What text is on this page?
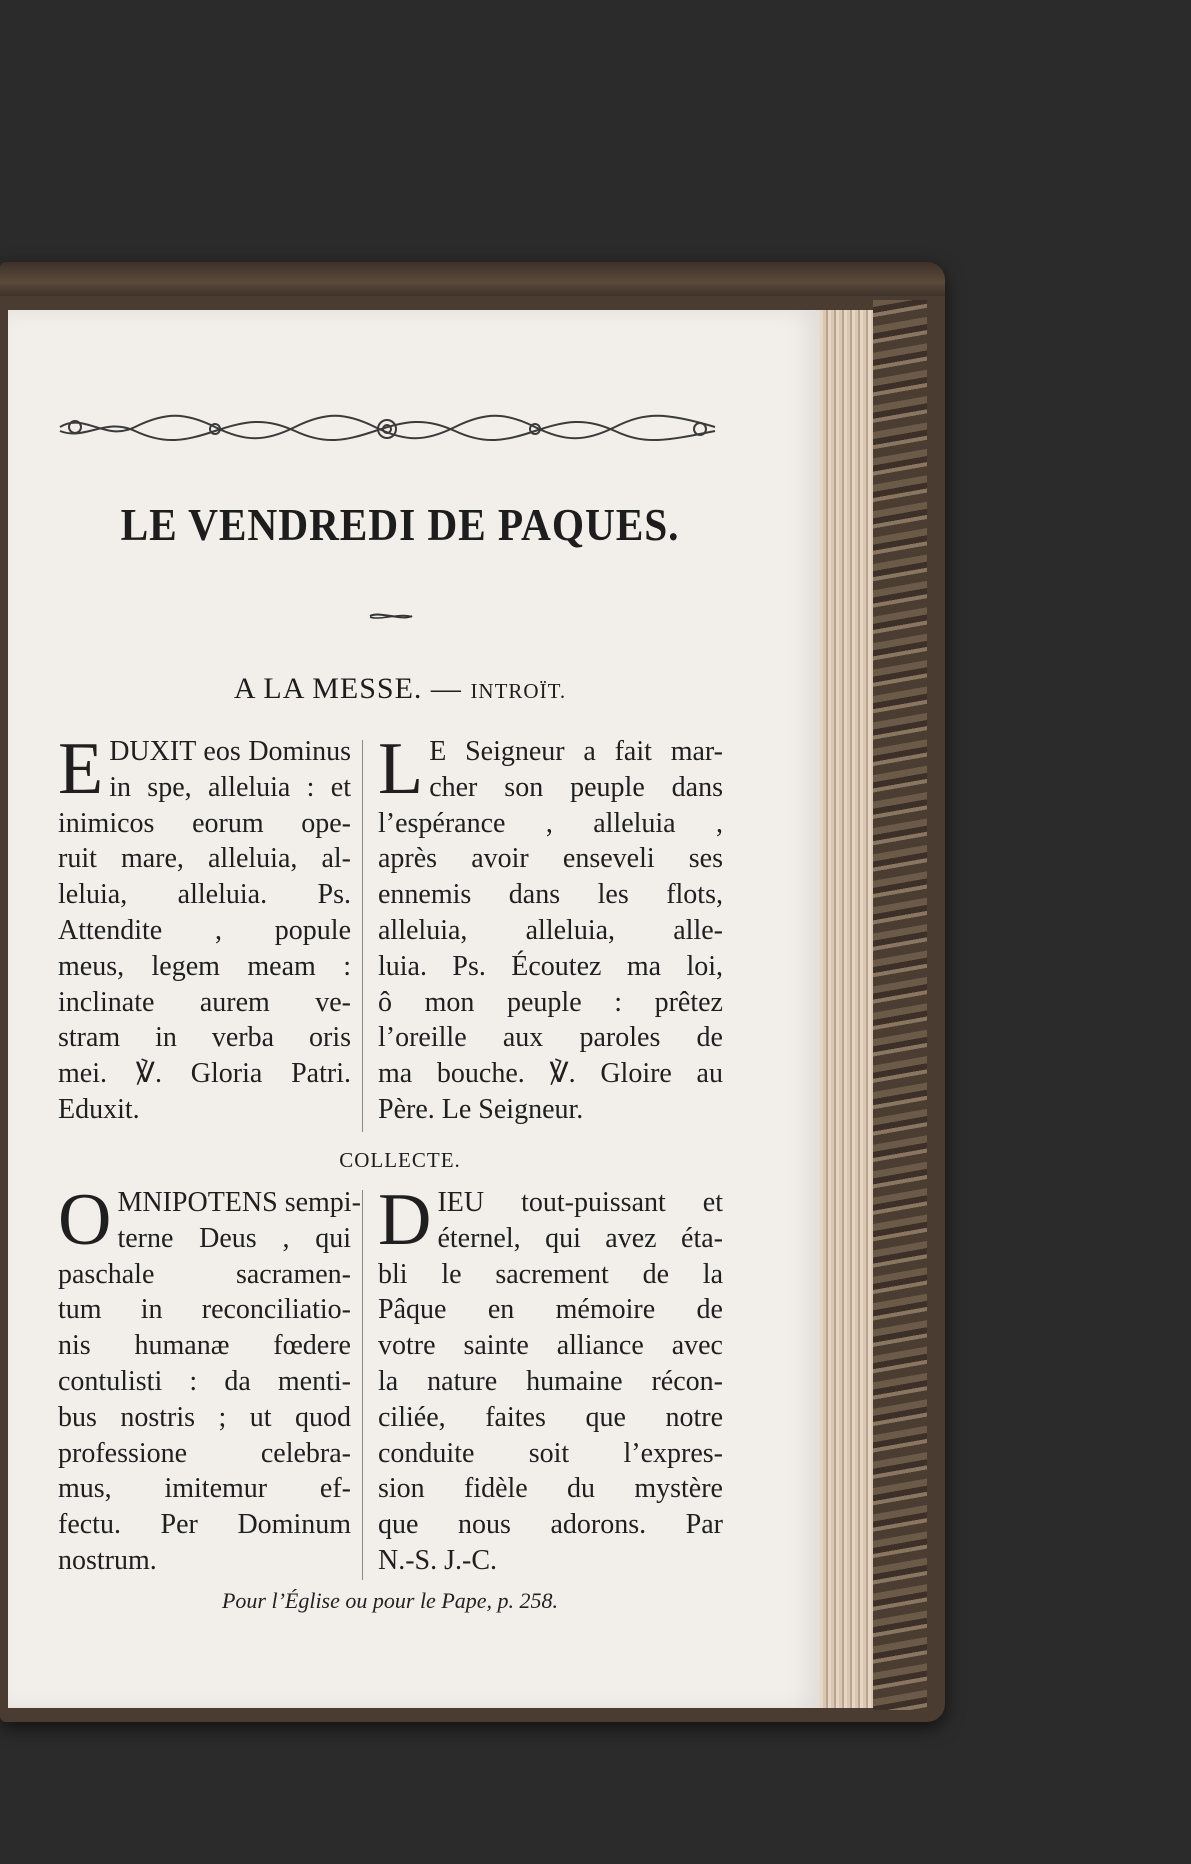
LE VENDREDI DE PAQUES.

A LA MESSE. — INTROÏT.

E DUXIT eos Dominus
in spe, alleluia : et
inimicos eorum ope-
ruit mare, alleluia, al-
leluia, alleluia. Ps.
Attendite , popule
meus, legem meam :
inclinate aurem ve-
stram in verba oris
mei. ℣. Gloria Patri.
Eduxit.
L E Seigneur a fait mar-
cher son peuple dans
l’espérance , alleluia ,
après avoir enseveli ses
ennemis dans les flots,
alleluia, alleluia, alle-
luia. Ps. Écoutez ma loi,
ô mon peuple : prêtez
l’oreille aux paroles de
ma bouche. ℣. Gloire au
Père. Le Seigneur.

COLLECTE.

O MNIPOTENS sempi-
terne Deus , qui
paschale sacramen-
tum in reconciliatio-
nis humanæ fœdere
contulisti : da menti-
bus nostris ; ut quod
professione celebra-
mus, imitemur ef-
fectu. Per Dominum
nostrum.
D IEU tout-puissant et
éternel, qui avez éta-
bli le sacrement de la
Pâque en mémoire de
votre sainte alliance avec
la nature humaine récon-
ciliée, faites que notre
conduite soit l’expres-
sion fidèle du mystère
que nous adorons. Par
N.-S. J.-C.
Pour l’Église ou pour le Pape, p. 258.
